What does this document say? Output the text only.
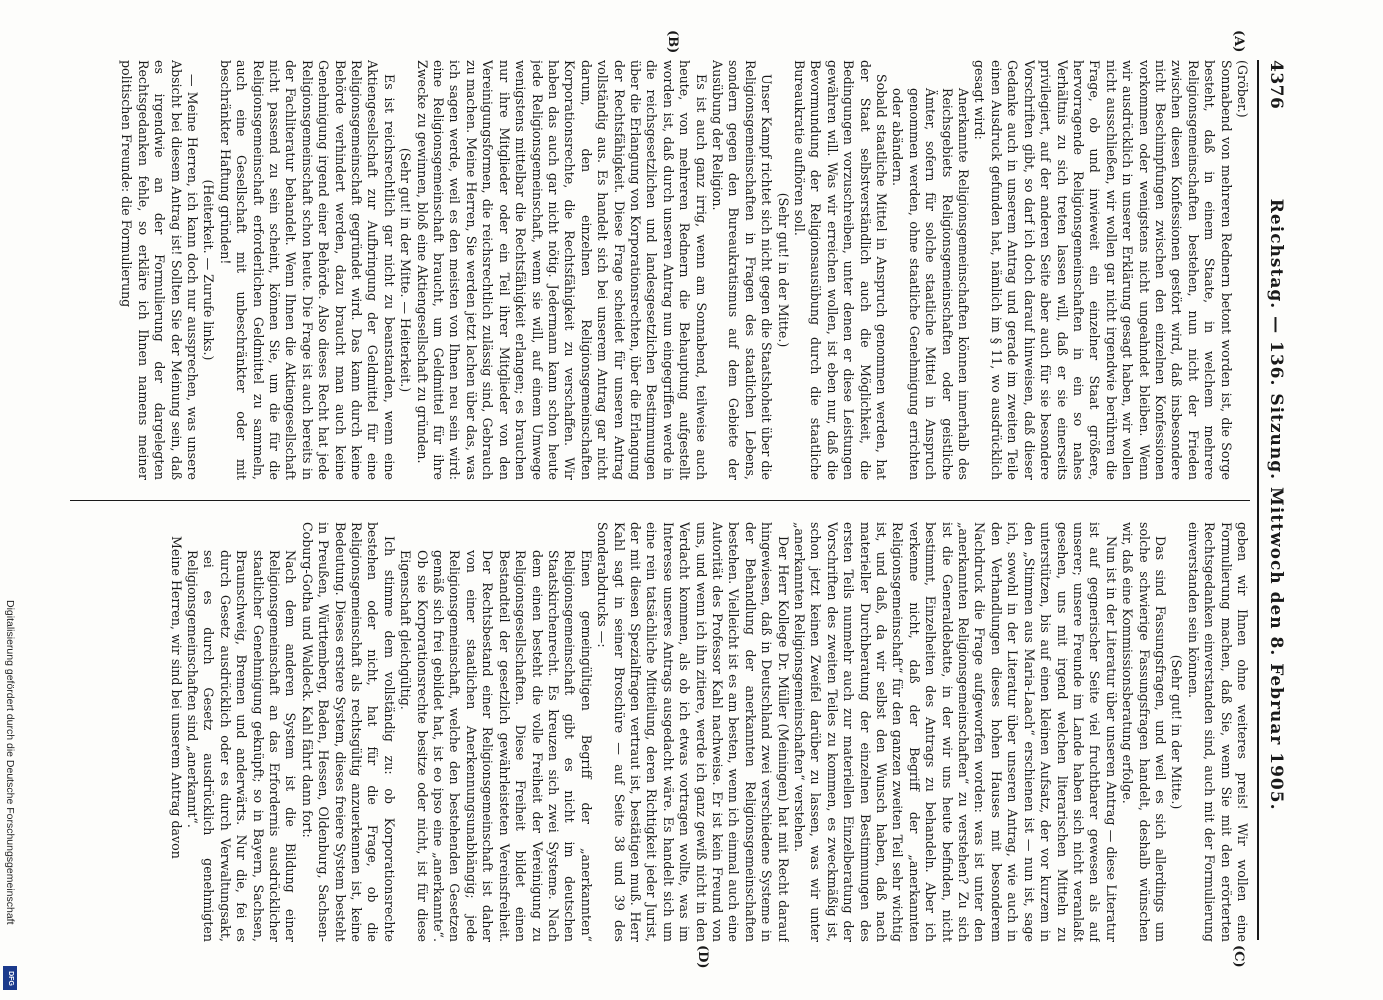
4376
Reichstag. — 136. Sitzung. Mittwoch den 8. Februar 1905.
(A)
(B)
(C)
(D)

(Gröber.)

Sonnabend von mehreren Rednern betont worden ist, die Sorge besteht, daß in einem Staate, in welchem mehrere Religionsgemeinschaften bestehen, nun nicht der Frieden zwischen diesen Konfessionen gestört wird, daß insbesondere nicht Beschimpfungen zwischen den einzelnen Konfessionen vorkommen oder wenigstens nicht ungeahndet bleiben. Wenn wir ausdrücklich in unserer Erklärung gesagt haben, wir wollen nicht ausschließen, wir wollen gar nicht irgendwie berühren die Frage, ob und inwieweit ein einzelner Staat größere, hervorragende Religionsgemeinschaften in ein so nahes Verhältnis zu sich treten lassen will, daß er sie einerseits privilegiert, auf der anderen Seite aber auch für sie besondere Vorschriften gibt, so darf ich doch darauf hinweisen, daß dieser Gedanke auch in unserem Antrag und gerade im zweiten Teile einen Ausdruck gefunden hat, nämlich im § 11, wo ausdrücklich gesagt wird:

Anerkannte Religionsgemeinschaften können innerhalb des Reichsgebiets Religionsgemeinschaften oder geistliche Ämter, sofern für solche staatliche Mittel in Anspruch genommen werden, ohne staatliche Genehmigung errichten oder abändern.

Sobald staatliche Mittel in Anspruch genommen werden, hat der Staat selbstverständlich auch die Möglichkeit, die Bedingungen vorzuschreiben, unter denen er diese Leistungen gewähren will. Was wir erreichen wollen, ist eben nur, daß die Bevormundung der Religionsausübung durch die staatliche Bureaukratie aufhören soll.

(Sehr gut! in der Mitte.)

Unser Kampf richtet sich nicht gegen die Staatshoheit über die Religionsgemeinschaften in Fragen des staatlichen Lebens, sondern gegen den Bureaukratismus auf dem Gebiete der Ausübung der Religion.

Es ist auch ganz irrig, wenn am Sonnabend, teilweise auch heute, von mehreren Rednern die Behauptung aufgestellt worden ist, daß durch unseren Antrag nun eingegriffen werde in die reichsgesetzlichen und landesgesetzlichen Bestimmungen über die Erlangung von Korporationsrechten, über die Erlangung der Rechtsfähigkeit. Diese Frage scheidet für unseren Antrag vollständig aus. Es handelt sich bei unserem Antrag gar nicht darum, den einzelnen Religionsgemeinschaften Korporationsrechte, die Rechtsfähigkeit zu verschaffen. Wir haben das auch gar nicht nötig. Jedermann kann schon heute jede Religionsgemeinschaft, wenn sie will, auf einem Umwege wenigstens mittelbar die Rechtsfähigkeit erlangen; es brauchen nur ihre Mitglieder oder ein Teil ihrer Mitglieder von den Vereinigungsformen, die reichsrechtlich zulässig sind, Gebrauch zu machen. Meine Herren, Sie werden jetzt lachen über das, was ich sagen werde, weil es den meisten von Ihnen neu sein wird: eine Religionsgemeinschaft braucht, um Geldmittel für ihre Zwecke zu gewinnen, bloß eine Aktiengesellschaft zu gründen.

(Sehr gut! in der Mitte. — Heiterkeit.)

Es ist reichsrechtlich gar nicht zu beanstanden, wenn eine Aktiengesellschaft zur Aufbringung der Geldmittel für eine Religionsgemeinschaft gegründet wird. Das kann durch keine Behörde verhindert werden, dazu braucht man auch keine Genehmigung irgend einer Behörde. Also dieses Recht hat jede Religionsgemeinschaft schon heute. Die Frage ist auch bereits in der Fachliteratur behandelt. Wenn Ihnen die Aktiengesellschaft nicht passend zu sein scheint, können Sie, um die für die Religionsgemeinschaft erforderlichen Geldmittel zu sammeln, auch eine Gesellschaft mit unbeschränkter oder mit beschränkter Haftung gründen!

(Heiterkeit. — Zurufe links.)

— Meine Herren, ich kann doch nur aussprechen, was unsere Absicht bei diesem Antrag ist! Sollten Sie der Meinung sein, daß es irgendwie an der Formulierung der dargelegten Rechtsgedanken fehle, so erkläre ich Ihnen namens meiner politischen Freunde: die Formulierung

geben wir Ihnen ohne weiteres preis! Wir wollen eine Formulierung machen, daß Sie, wenn Sie mit den erörterten Rechtsgedanken einverstanden sind, auch mit der Formulierung einverstanden sein können.

(Sehr gut! in der Mitte.)

Das sind Fassungsfragen, und weil es sich allerdings um solche schwierige Fassungsfragen handelt, deshalb wünschen wir, daß eine Kommissionsberatung erfolge.

Nun ist in der Literatur über unseren Antrag — diese Literatur ist auf gegnerischer Seite viel fruchtbarer gewesen als auf unserer; unsere Freunde im Lande haben sich nicht veranlaßt gesehen, uns mit irgend welchen literarischen Mitteln zu unterstützen, bis auf einen kleinen Aufsatz, der vor kurzem in den „Stimmen aus Maria-Laach“ erschienen ist — nun ist, sage ich, sowohl in der Literatur über unseren Antrag, wie auch in den Verhandlungen dieses hohen Hauses mit besonderem Nachdruck die Frage aufgeworfen worden: was ist unter den „anerkannten Religionsgemeinschaften“ zu verstehen? Zu sich ist die Generaldebatte, in der wir uns heute befinden, nicht bestimmt, Einzelheiten des Antrags zu behandeln. Aber ich verkenne nicht, daß der Begriff der „anerkannten Religionsgemeinschaft“ für den ganzen zweiten Teil sehr wichtig ist, und daß, da wir selbst den Wunsch haben, daß nach materieller Durchberatung der einzelnen Bestimmungen des ersten Teils nunmehr auch zur materiellen Einzelberatung der Vorschriften des zweiten Teiles zu kommen, es zweckmäßig ist, schon jetzt keinen Zweifel darüber zu lassen, was wir unter „anerkannten Religionsgemeinschaften“ verstehen.

Der Herr Kollege Dr. Müller (Meiningen) hat mit Recht darauf hingewiesen, daß in Deutschland zwei verschiedene Systeme in der Behandlung der anerkannten Religionsgemeinschaften bestehen. Vielleicht ist es am besten, wenn ich einmal auch eine Autorität des Professor Kahl nachweise. Er ist kein Freund von uns, und wenn ich ihn zitiere, werde ich ganz gewiß nicht in den Verdacht kommen, als ob ich etwas vortragen wollte, was im Interesse unseres Antrags ausgedacht wäre. Es handelt sich um eine rein tatsächliche Mitteilung, deren Richtigkeit jeder Jurist, der mit diesen Spezialfragen vertraut ist, bestätigen muß. Herr Kahl sagt in seiner Broschüre — auf Seite 38 und 39 des Sonderabdrucks —:

Einen gemeingültigen Begriff der „anerkannten“ Religionsgemeinschaft gibt es nicht im deutschen Staatskirchenrecht. Es kreuzen sich zwei Systeme. Nach dem einen besteht die volle Freiheit der Vereinigung zu Religionsgesellschaften. Diese Freiheit bildet einen Bestandteil der gesetzlich gewährleisteten Vereinsfreiheit. Der Rechtsbestand einer Religionsgemeinschaft ist daher von einer staatlichen Anerkennungsunabhängig; jede Religionsgemeinschaft, welche den bestehenden Gesetzen gemäß sich frei gebildet hat, ist eo ipso eine „anerkannte“. Ob sie Korporationsrechte besitze oder nicht, ist für diese Eigenschaft gleichgültig.

Ich stimme dem vollständig zu: ob Korporationsrechte bestehen oder nicht, hat für die Frage, ob die Religionsgemeinschaft als rechtsgültig anzuerkennen ist, keine Bedeutung. Dieses erstere System, dieses freiere System besteht in Preußen, Württemberg, Baden, Hessen, Oldenburg, Sachsen-Coburg-Gotha und Waldeck. Kahl fährt dann fort:

Nach dem anderen System ist die Bildung einer Religionsgemeinschaft an das Erfordernis ausdrücklicher staatlicher Genehmigung geknüpft; so in Bayern, Sachsen, Braunschweig, Bremen und anderwärts. Nur die, fei es durch Gesetz ausdrücklich oder es durch Verwaltungsakt, sei es durch Gesetz ausdrücklich genehmigten Religionsgemeinschaften sind „anerkannt“.

Meine Herren, wir sind bei unserem Antrag davon

Digitalisierung gefördert durch die Deutsche Forschungsgemeinschaft
DFG
